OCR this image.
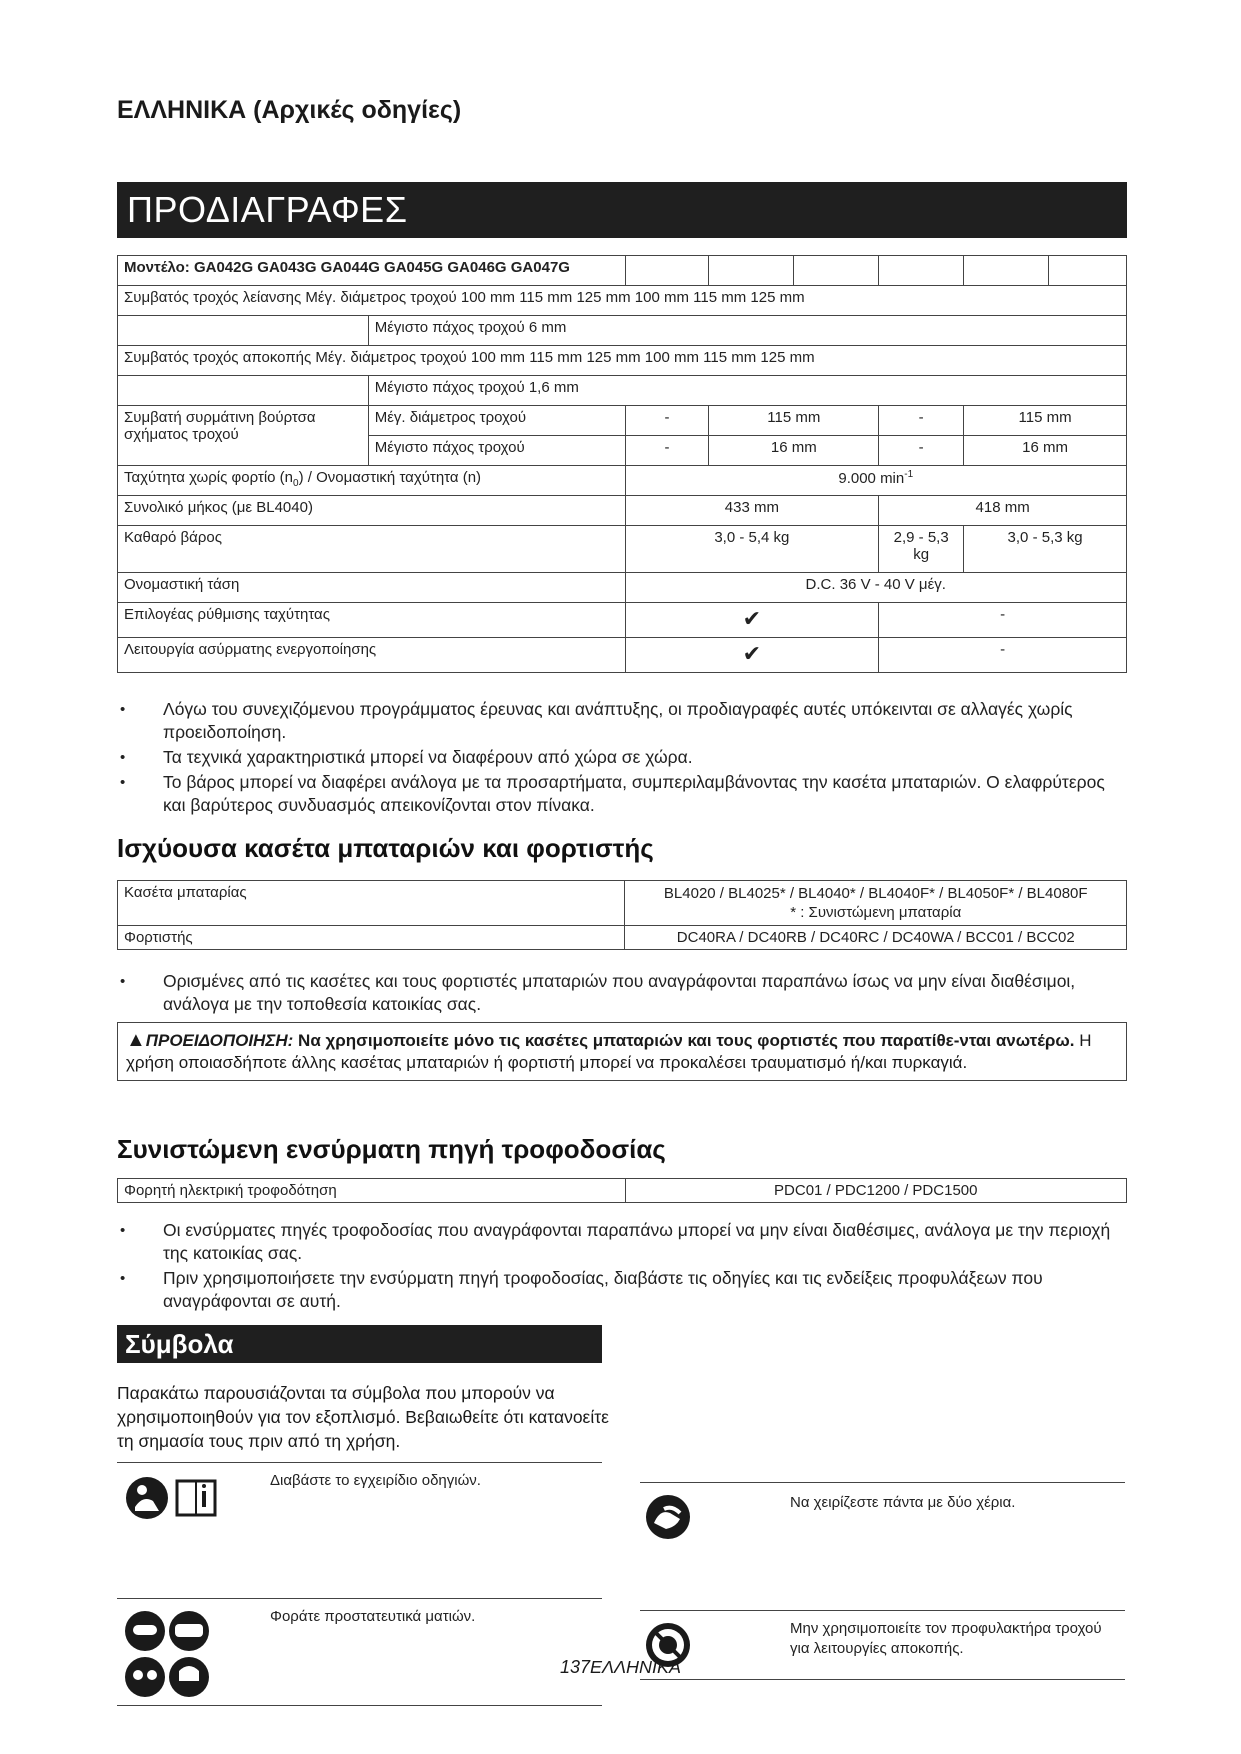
ΕΛΛΗΝΙΚΑ (Αρχικές οδηγίες)
ΠΡΟΔΙΑΓΡΑΦΕΣ
Μοντέλο: GA042G GA043G GA044G GA045G GA046G GA047G							
Συμβατός τροχός λείανσης Μέγ. διάμετρος τροχού 100 mm 115 mm 125 mm 100 mm 115 mm 125 mm							
	Μέγιστο πάχος τροχού 6 mm						
Συμβατός τροχός αποκοπής Μέγ. διάμετρος τροχού 100 mm 115 mm 125 mm 100 mm 115 mm 125 mm							
	Μέγιστο πάχος τροχού 1,6 mm						
Συμβατή συρμάτινη βούρτσα σχήματος τροχού	Μέγ. διάμετρος τροχού	-	115 mm		-	115 mm	
	Μέγιστο πάχος τροχού	-	16 mm		-	16 mm	
Ταχύτητα χωρίς φορτίο $(n_0)$ / Ονομαστική ταχύτητα (n)		9.000 $\min^{-1}$
Συνολικό μήκος (με BL4040)		433 mm			418 mm		
Καθαρό βάρος		3,0 - 5,4 kg			2,9 - 5,3 kg	3,0 - 5,3 kg	
Ονομαστική τάση		D.C. 36 V - 40 V μέγ.					
Επιλογέας ρύθμισης ταχύτητας		✔			-		
Λειτουργία ασύρματης ενεργοποίησης		✔			-		
• Λόγω του συνεχιζόμενου προγράμματος έρευνας και ανάπτυξης, οι προδιαγραφές αυτές υπόκεινται σε αλλαγές χωρίς προειδοποίηση.
• Τα τεχνικά χαρακτηριστικά μπορεί να διαφέρουν από χώρα σε χώρα.
• Το βάρος μπορεί να διαφέρει ανάλογα με τα προσαρτήματα, συμπεριλαμβάνοντας την κασέτα μπαταριών. Ο ελαφρύτερος και βαρύτερος συνδυασμός απεικονίζονται στον πίνακα.
Ισχύουσα κασέτα μπαταριών και φορτιστής
Κασέτα μπαταρίας	BL4020 / BL4025* / BL4040* / BL4040F* / BL4050F* / BL4080F
* : Συνιστώμενη μπαταρία

Φορτιστής	DC40RA / DC40RB / DC40RC / DC40WA / BCC01 / BCC02
• Ορισμένες από τις κασέτες και τους φορτιστές μπαταριών που αναγράφονται παραπάνω ίσως να μην είναι διαθέσιμοι, ανάλογα με την τοποθεσία κατοικίας σας.
▲ΠΡΟΕΙΔΟΠΟΙΗΣΗ: Να χρησιμοποιείτε μόνο τις κασέτες μπαταριών και τους φορτιστές που παρατίθε-νται ανωτέρω. Η χρήση οποιασδήποτε άλλης κασέτας μπαταριών ή φορτιστή μπορεί να προκαλέσει τραυματισμό ή/και πυρκαγιά.
Συνιστώμενη ενσύρματη πηγή τροφοδοσίας
Φορητή ηλεκτρική τροφοδότηση	PDC01 / PDC1200 / PDC1500
• Οι ενσύρματες πηγές τροφοδοσίας που αναγράφονται παραπάνω μπορεί να μην είναι διαθέσιμες, ανάλογα με την περιοχή της κατοικίας σας.
• Πριν χρησιμοποιήσετε την ενσύρματη πηγή τροφοδοσίας, διαβάστε τις οδηγίες και τις ενδείξεις προφυλάξεων που αναγράφονται σε αυτή.
Σύμβολα
Παρακάτω παρουσιάζονται τα σύμβολα που μπορούν να χρησιμοποιηθούν για τον εξοπλισμό. Βεβαιωθείτε ότι κατανοείτε τη σημασία τους πριν από τη χρήση.
Διαβάστε το εγχειρίδιο οδηγιών.
Φοράτε προστατευτικά ματιών.
Να χειρίζεστε πάντα με δύο χέρια.
Μην χρησιμοποιείτε τον προφυλακτήρα τροχού για λειτουργίες αποκοπής.
137ΕΛΛΗΝΙΚΑ
